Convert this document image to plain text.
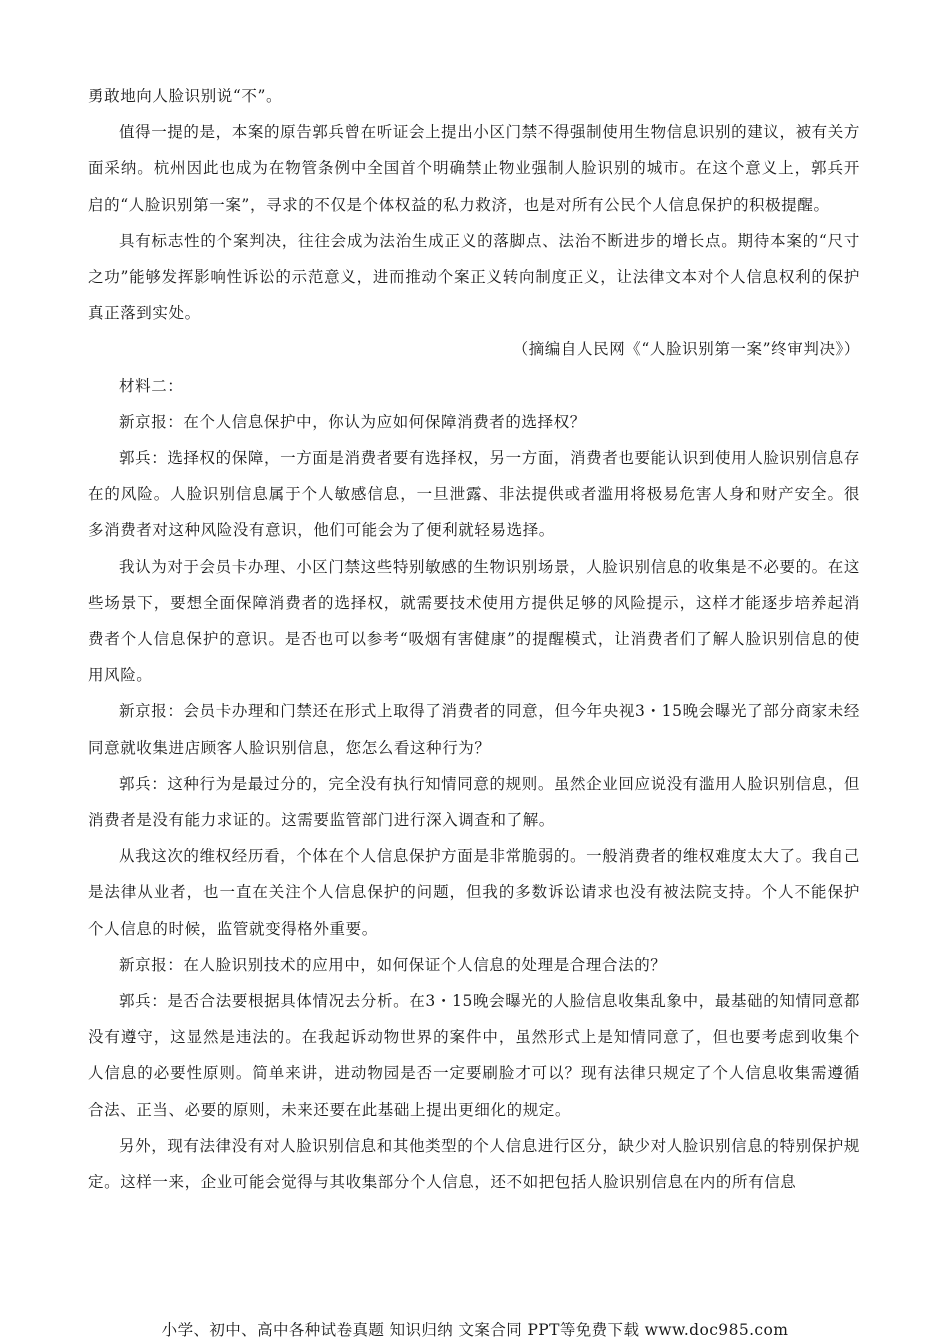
勇敢地向人脸识别说“不”。

值得一提的是，本案的原告郭兵曾在听证会上提出小区门禁不得强制使用生物信息识别的建议，被有关方面采纳。杭州因此也成为在物管条例中全国首个明确禁止物业强制人脸识别的城市。在这个意义上，郭兵开启的“人脸识别第一案”，寻求的不仅是个体权益的私力救济，也是对所有公民个人信息保护的积极提醒。

具有标志性的个案判决，往往会成为法治生成正义的落脚点、法治不断进步的增长点。期待本案的“尺寸之功”能够发挥影响性诉讼的示范意义，进而推动个案正义转向制度正义，让法律文本对个人信息权利的保护真正落到实处。

（摘编自人民网《“人脸识别第一案”终审判决》）

材料二：

新京报：在个人信息保护中，你认为应如何保障消费者的选择权？

郭兵：选择权的保障，一方面是消费者要有选择权，另一方面，消费者也要能认识到使用人脸识别信息存在的风险。人脸识别信息属于个人敏感信息，一旦泄露、非法提供或者滥用将极易危害人身和财产安全。很多消费者对这种风险没有意识，他们可能会为了便利就轻易选择。

我认为对于会员卡办理、小区门禁这些特别敏感的生物识别场景，人脸识别信息的收集是不必要的。在这些场景下，要想全面保障消费者的选择权，就需要技术使用方提供足够的风险提示，这样才能逐步培养起消费者个人信息保护的意识。是否也可以参考“吸烟有害健康”的提醒模式，让消费者们了解人脸识别信息的使用风险。

新京报：会员卡办理和门禁还在形式上取得了消费者的同意，但今年央视3・15晚会曝光了部分商家未经同意就收集进店顾客人脸识别信息，您怎么看这种行为？

郭兵：这种行为是最过分的，完全没有执行知情同意的规则。虽然企业回应说没有滥用人脸识别信息，但消费者是没有能力求证的。这需要监管部门进行深入调查和了解。

从我这次的维权经历看，个体在个人信息保护方面是非常脆弱的。一般消费者的维权难度太大了。我自己是法律从业者，也一直在关注个人信息保护的问题，但我的多数诉讼请求也没有被法院支持。个人不能保护个人信息的时候，监管就变得格外重要。

新京报：在人脸识别技术的应用中，如何保证个人信息的处理是合理合法的？

郭兵：是否合法要根据具体情况去分析。在3・15晚会曝光的人脸信息收集乱象中，最基础的知情同意都没有遵守，这显然是违法的。在我起诉动物世界的案件中，虽然形式上是知情同意了，但也要考虑到收集个人信息的必要性原则。简单来讲，进动物园是否一定要刷脸才可以？现有法律只规定了个人信息收集需遵循合法、正当、必要的原则，未来还要在此基础上提出更细化的规定。

另外，现有法律没有对人脸识别信息和其他类型的个人信息进行区分，缺少对人脸识别信息的特别保护规定。这样一来，企业可能会觉得与其收集部分个人信息，还不如把包括人脸识别信息在内的所有信息

小学、初中、高中各种试卷真题 知识归纳 文案合同 PPT等免费下载 www.doc985.com
